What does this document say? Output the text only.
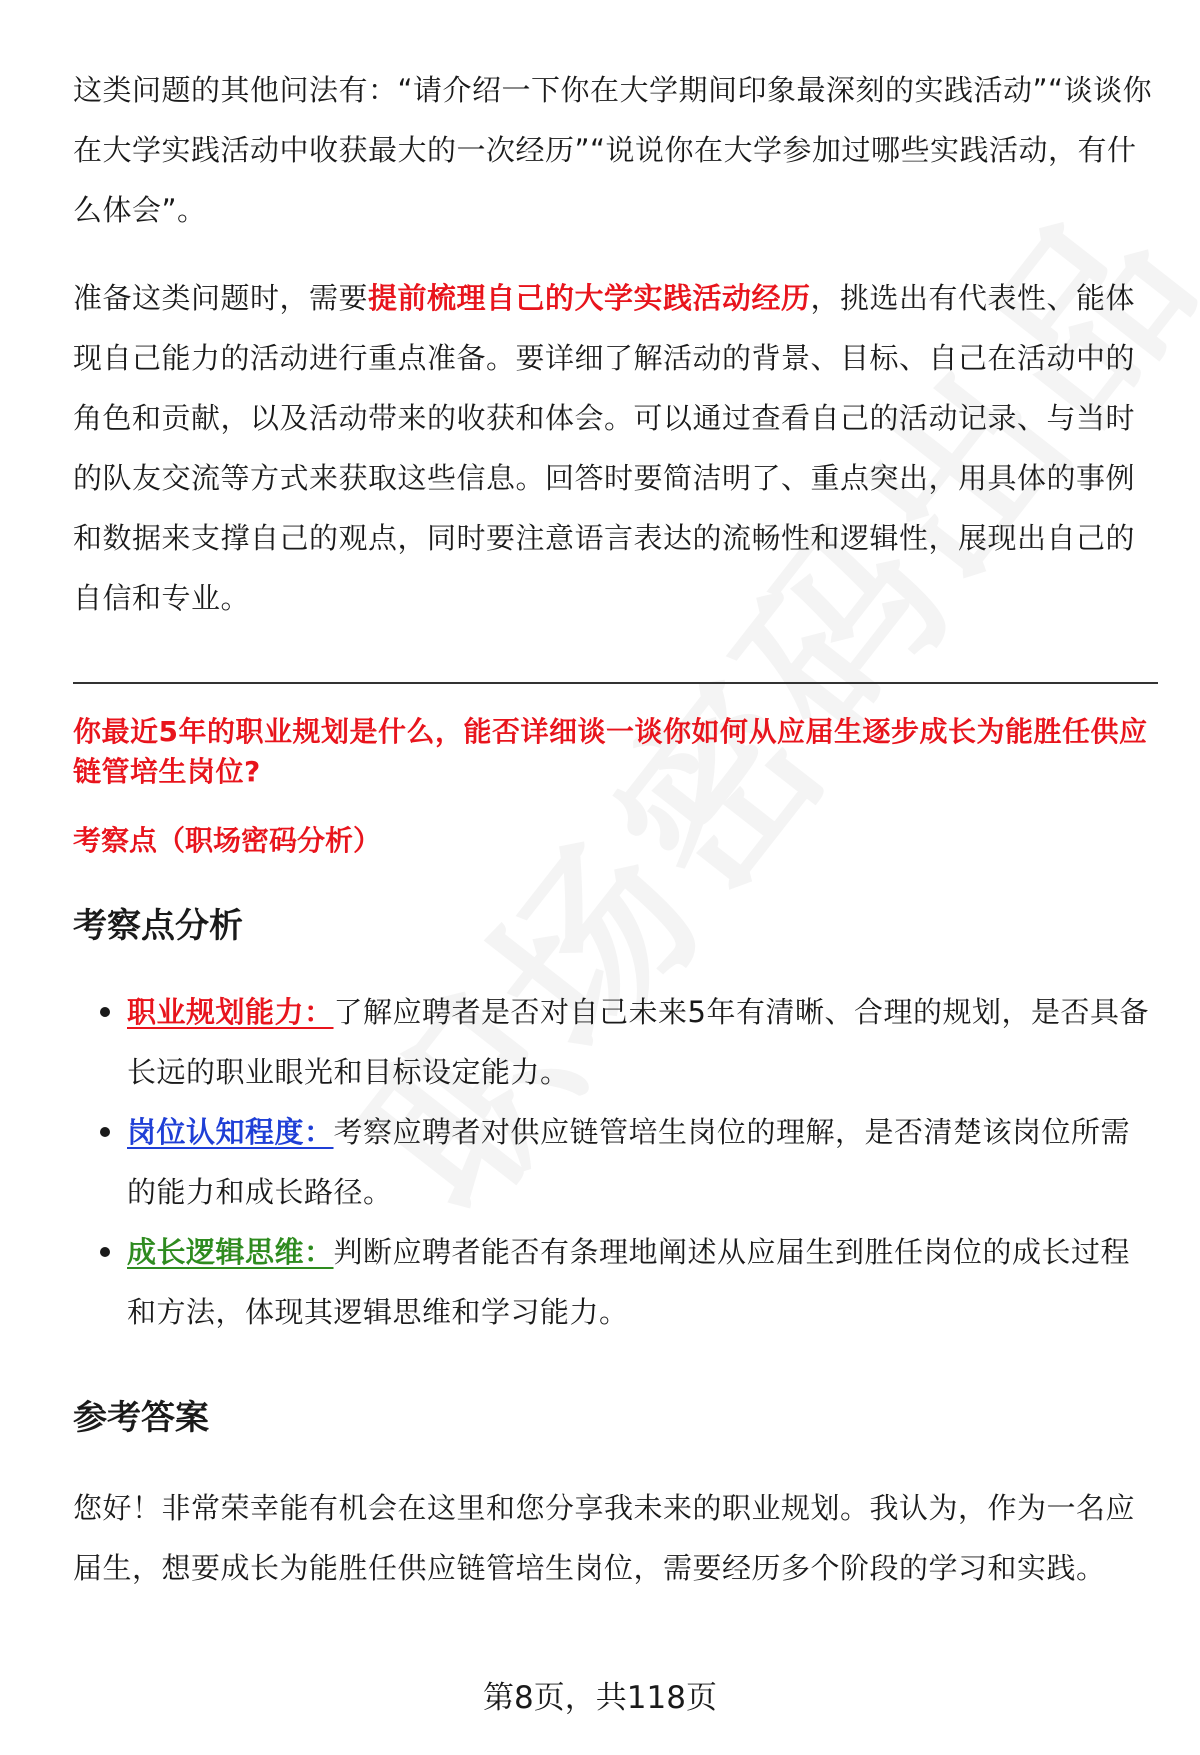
这类问题的其他问法有：“请介绍一下你在大学期间印象最深刻的实践活动”“谈谈你在大学实践活动中收获最大的一次经历”“说说你在大学参加过哪些实践活动，有什么体会”。

准备这类问题时，需要提前梳理自己的大学实践活动经历，挑选出有代表性、能体现自己能力的活动进行重点准备。要详细了解活动的背景、目标、自己在活动中的角色和贡献，以及活动带来的收获和体会。可以通过查看自己的活动记录、与当时的队友交流等方式来获取这些信息。回答时要简洁明了、重点突出，用具体的事例和数据来支撑自己的观点，同时要注意语言表达的流畅性和逻辑性，展现出自己的自信和专业。

你最近5年的职业规划是什么，能否详细谈一谈你如何从应届生逐步成长为能胜任供应链管培生岗位?
考察点（职场密码分析）
考察点分析
职业规划能力：了解应聘者是否对自己未来5年有清晰、合理的规划，是否具备长远的职业眼光和目标设定能力。
岗位认知程度：考察应聘者对供应链管培生岗位的理解，是否清楚该岗位所需的能力和成长路径。
成长逻辑思维：判断应聘者能否有条理地阐述从应届生到胜任岗位的成长过程和方法，体现其逻辑思维和学习能力。
参考答案

您好！非常荣幸能有机会在这里和您分享我未来的职业规划。我认为，作为一名应届生，想要成长为能胜任供应链管培生岗位，需要经历多个阶段的学习和实践。

第8页，共118页
